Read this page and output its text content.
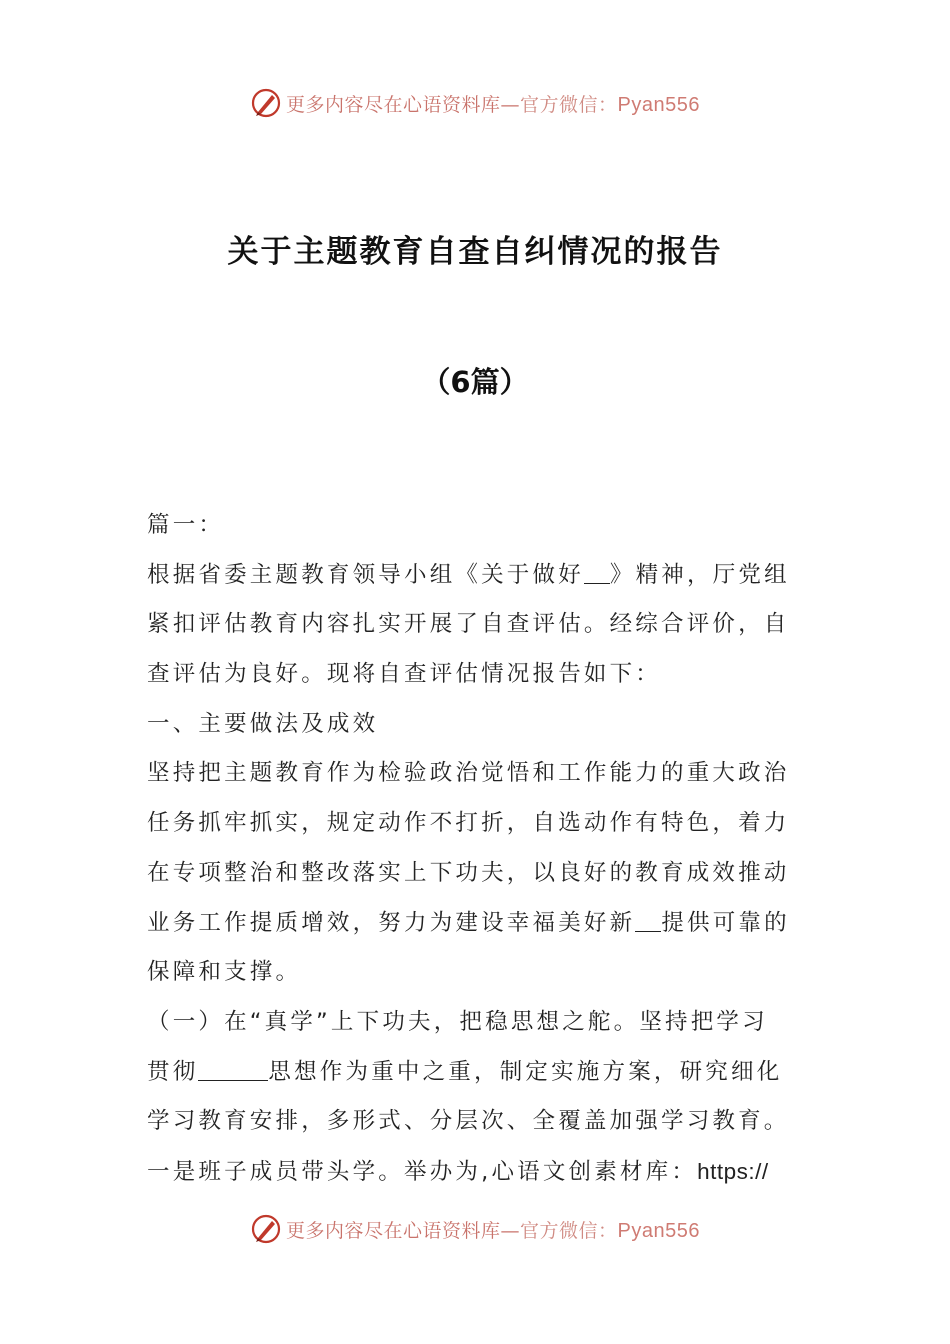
更多内容尽在心语资料库—官方微信：Pyan556
关于主题教育自查自纠情况的报告
（6篇）
篇一：
根据省委主题教育领导小组《关于做好 》精神，厅党组
紧扣评估教育内容扎实开展了自查评估。经综合评价，自
查评估为良好。现将自查评估情况报告如下：
一、主要做法及成效
坚持把主题教育作为检验政治觉悟和工作能力的重大政治
任务抓牢抓实，规定动作不打折，自选动作有特色，着力
在专项整治和整改落实上下功夫，以良好的教育成效推动
业务工作提质增效，努力为建设幸福美好新 提供可靠的
保障和支撑。
（一）在“真学”上下功夫，把稳思想之舵。坚持把学习
贯彻	思想作为重中之重，制定实施方案，研究细化
学习教育安排，多形式、分层次、全覆盖加强学习教育。
一是班子成员带头学。举办为,心语文创素材库：https://
更多内容尽在心语资料库—官方微信：Pyan556
